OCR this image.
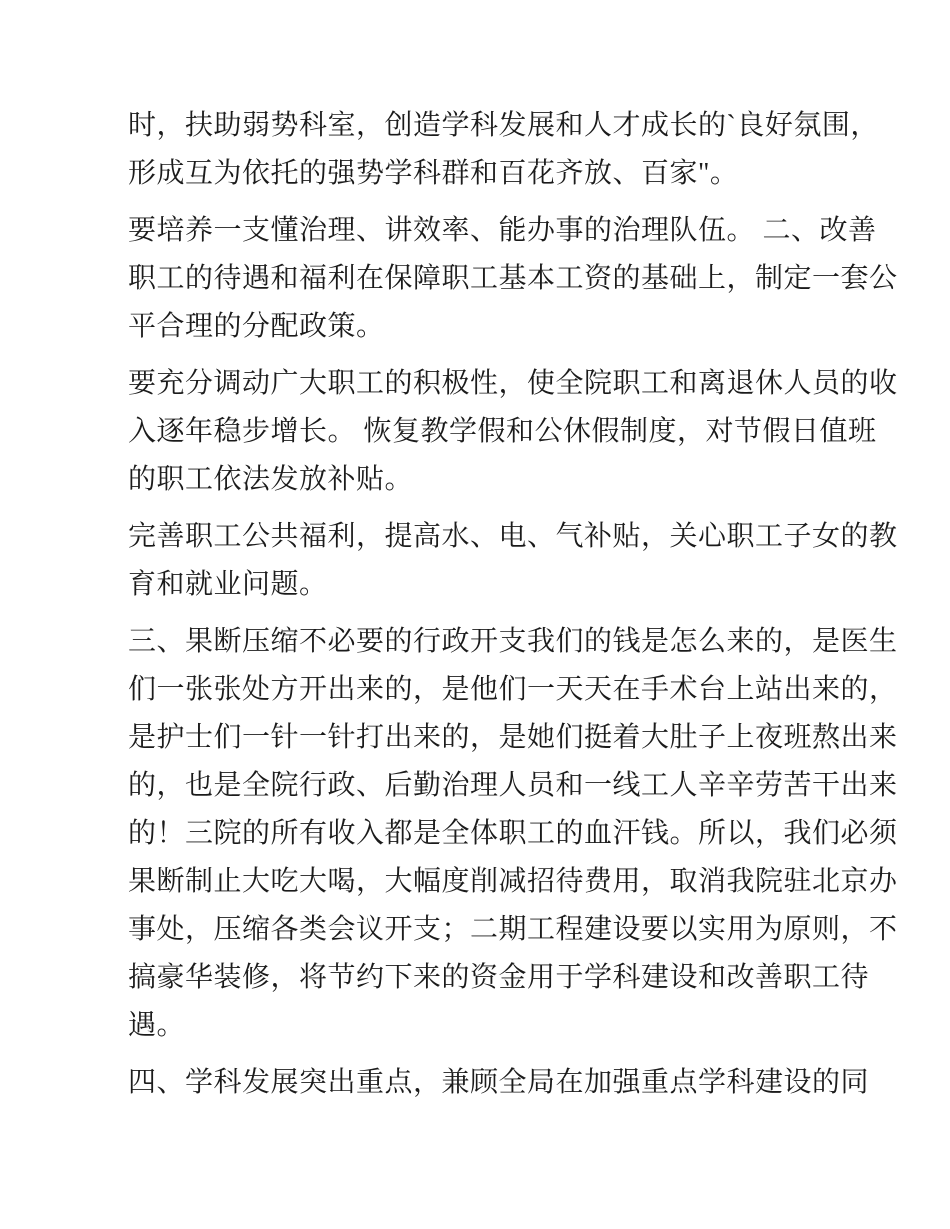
时，扶助弱势科室，创造学科发展和人才成长的`良好氛围，
形成互为依托的强势学科群和百花齐放、百家"。
要培养一支懂治理、讲效率、能办事的治理队伍。 二、改善
职工的待遇和福利在保障职工基本工资的基础上，制定一套公
平合理的分配政策。
要充分调动广大职工的积极性，使全院职工和离退休人员的收
入逐年稳步增长。 恢复教学假和公休假制度，对节假日值班
的职工依法发放补贴。
完善职工公共福利，提高水、电、气补贴，关心职工子女的教
育和就业问题。
三、果断压缩不必要的行政开支我们的钱是怎么来的，是医生
们一张张处方开出来的，是他们一天天在手术台上站出来的，
是护士们一针一针打出来的，是她们挺着大肚子上夜班熬出来
的，也是全院行政、后勤治理人员和一线工人辛辛劳苦干出来
的！三院的所有收入都是全体职工的血汗钱。所以，我们必须
果断制止大吃大喝，大幅度削减招待费用，取消我院驻北京办
事处，压缩各类会议开支；二期工程建设要以实用为原则，不
搞豪华装修，将节约下来的资金用于学科建设和改善职工待
遇。
四、学科发展突出重点，兼顾全局在加强重点学科建设的同
